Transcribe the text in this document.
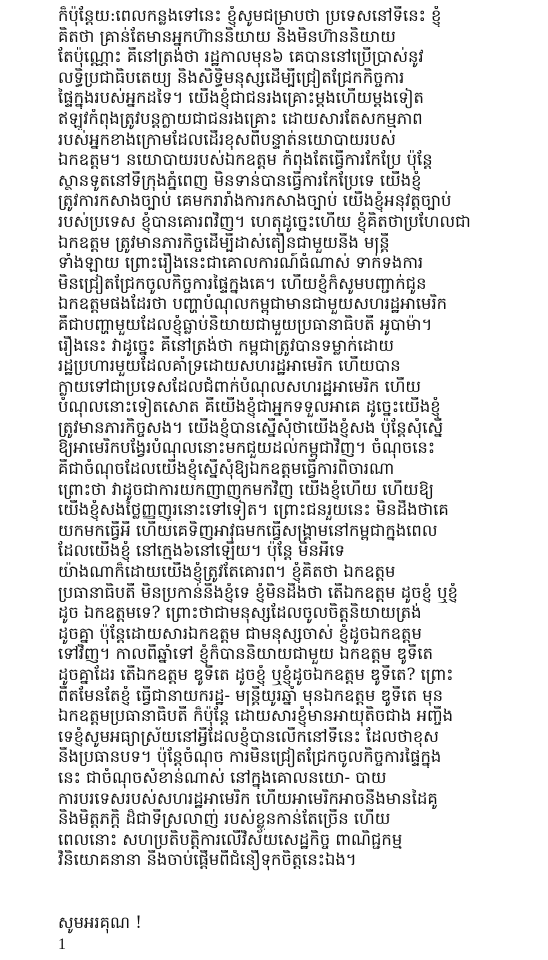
ក៏ប៉ុន្តែយ:ពេលកន្លងទៅនេះ ខ្ញុំសូមជម្រាបថា ប្រទេសនៅទីនេះ ខ្ញុំ
គិតថា គ្រាន់តែមានអ្នកហ៊ាននិយាយ និងមិនហ៊ាននិយាយ
តែប៉ុណ្ណោះ គឺនៅត្រង់ថា រដ្ឋកាលមុន៦ គេបាននៅប្រើប្រាស់នូវ
លទ្ធិប្រជាធិបតេយ្យ និងសិទ្ធិមនុស្សដើម្បីជ្រៀតជ្រែកកិច្ចការ
ផ្ទៃក្នុងរបស់អ្នកដទៃ។ យើងខ្ញុំជាជនរងគ្រោះម្ដងហើយម្ដងទៀត
ឥឡូវកំពុងត្រូវបន្តក្លាយជាជនរងគ្រោះ ដោយសារតែសកម្មភាព
របស់អ្នកខាងក្រោមដែលដើរខុសពីបន្ទាត់នយោបាយរបស់
ឯកឧត្តម។ នយោបាយរបស់ឯកឧត្តម កំពុងតែធ្វើការកែប្រែ ប៉ុន្តែ
ស្ថានទូតនៅទីក្រុងភ្នំពេញ មិនទាន់បានធ្វើការកែប្រែទេ យើងខ្ញុំ
ត្រូវការកសាងច្បាប់ គេមករារាំងការកសាងច្បាប់ យើងខ្ញុំអនុវត្តច្បាប់
របស់ប្រទេស ខ្ញុំបានគោរពវិញ។ ហេតុដូច្នេះហើយ ខ្ញុំគិតថាប្រហែលជា
ឯកឧត្តម ត្រូវមានភារកិច្ចដើម្បីដាស់តឿនជាមួយនឹង មន្ត្រី
ទាំងឡាយ ព្រោះរឿងនេះជាគោលការណ៍ធំណាស់ ទាក់ទងការ
មិនជ្រៀតជ្រែកចូលកិច្ចការផ្ទៃក្នុងគេ។ ហើយខ្ញុំក៏សូមបញ្ជាក់ជូន
ឯកឧត្តមផងដែរថា បញ្ហាបំណុលកម្ពុជាមានជាមួយសហរដ្ឋអាមេរិក
គឺជាបញ្ហាមួយដែលខ្ញុំធ្លាប់និយាយជាមួយប្រធានាធិបតី អូបាម៉ា។
រឿងនេះ វាដូច្នេះ គឺនៅត្រង់ថា កម្ពុជាត្រូវបានទម្លាក់ដោយ
រដ្ឋប្រហារមួយដែលគាំទ្រដោយសហរដ្ឋអាមេរិក ហើយបាន
ក្លាយទៅជាប្រទេសដែលជំពាក់បំណុលសហរដ្ឋអាមេរិក ហើយ
បំណុលនោះទៀតសោត គឺយើងខ្ញុំជាអ្នកទទួលអាគេ ដូច្នេះយើងខ្ញុំ
ត្រូវមានភារកិច្ចសង។ យើងខ្ញុំបានស្នើសុំថាយើងខ្ញុំសង ប៉ុន្តែសុំស្នើ
ឱ្យអាមេរិកបង្វែរបំណុលនោះមកជួយដល់កម្ពុជាវិញ។ ចំណុចនេះ
គឺជាចំណុចដែលយើងខ្ញុំស្នើសុំឱ្យឯកឧត្តមធ្វើការពិចារណា
ព្រោះថា វាដូចជាការយកញាញួកមកវិញ យើងខ្ញុំហើយ ហើយឱ្យ
យើងខ្ញុំសងថ្លៃញ្ញញូរនោះទៅទៀត។ ព្រោះជនរួយនេះ មិនដឹងថាគេ
យកមកធ្វើអី ហើយគេទិញអាវុធមកធ្វើសង្គ្រាមនៅកម្ពុជាក្នុងពេល
ដែលយើងខ្ញុំ នៅក្មេង៦នៅឡើយ។ ប៉ុន្តែ មិនអីទេ
យ៉ាងណាក៏ដោយយើងខ្ញុំត្រូវតែគោរព។ ខ្ញុំគិតថា ឯកឧត្តម
ប្រធានាធិបតី មិនប្រកាន់នឹងខ្ញុំទេ ខ្ញុំមិនដឹងថា តើឯកឧត្តម ដូចខ្ញុំ ឬខ្ញុំ
ដូច ឯកឧត្តមទេ? ព្រោះថាជាមនុស្សដែលចូលចិត្តនិយាយត្រង់
ដូចគ្នា ប៉ុន្តែដោយសារឯកឧត្តម ជាមនុស្សចាស់ ខ្ញុំដូចឯកឧត្តម
ទៅវិញ។ កាលពីឆ្នាំទៅ ខ្ញុំក៏បាននិយាយជាមួយ ឯកឧត្តម ឌូទឺតេ
ដូចគ្នាដែរ តើឯកឧត្តម ឌូទឺតេ ដូចខ្ញុំ ឬខ្ញុំដូចឯកឧត្តម ឌូទឺតេ? ព្រោះ
ពីតមែនតែខ្ញុំ ធ្វើជានាយករដ្ឋ- មន្ត្រីយូរឆ្នាំ មុនឯកឧត្តម ឌូទឺតេ មុន
ឯកឧត្តមប្រធានាធិបតី ក៏ប៉ុន្តែ ដោយសារខ្ញុំមានអាយុតិចជាង អញ្ចឹង
ទេខ្ញុំសូមអធ្យាស្រ័យនៅអ្វីដែលខ្ញុំបានលើកនៅទីនេះ ដែលថាខុស
នឹងប្រធានបទ។ ប៉ុន្តែចំណុច ការមិនជ្រៀតជ្រែកចូលកិច្ចការផ្ទៃក្នុង
នេះ ជាចំណុចសំខាន់ណាស់ នៅក្នុងគោលនយោ- បាយ
ការបរទេសរបស់សហរដ្ឋអាមេរិក ហើយអាមេរិកអាចនឹងមានដៃគូ
និងមិត្តភក្តិ ដ៏ជាទីស្រលាញ់ របស់ខ្លួនកាន់តែច្រើន ហើយ
ពេលនោះ សហប្រតិបត្តិការលើវិស័យសេដ្ឋកិច្ច ពាណិជ្ជកម្ម
វិនិយោគនានា នឹងចាប់ផ្តើមពីជំនឿទុកចិត្តនេះឯង។

សូមអរគុណ !

1
